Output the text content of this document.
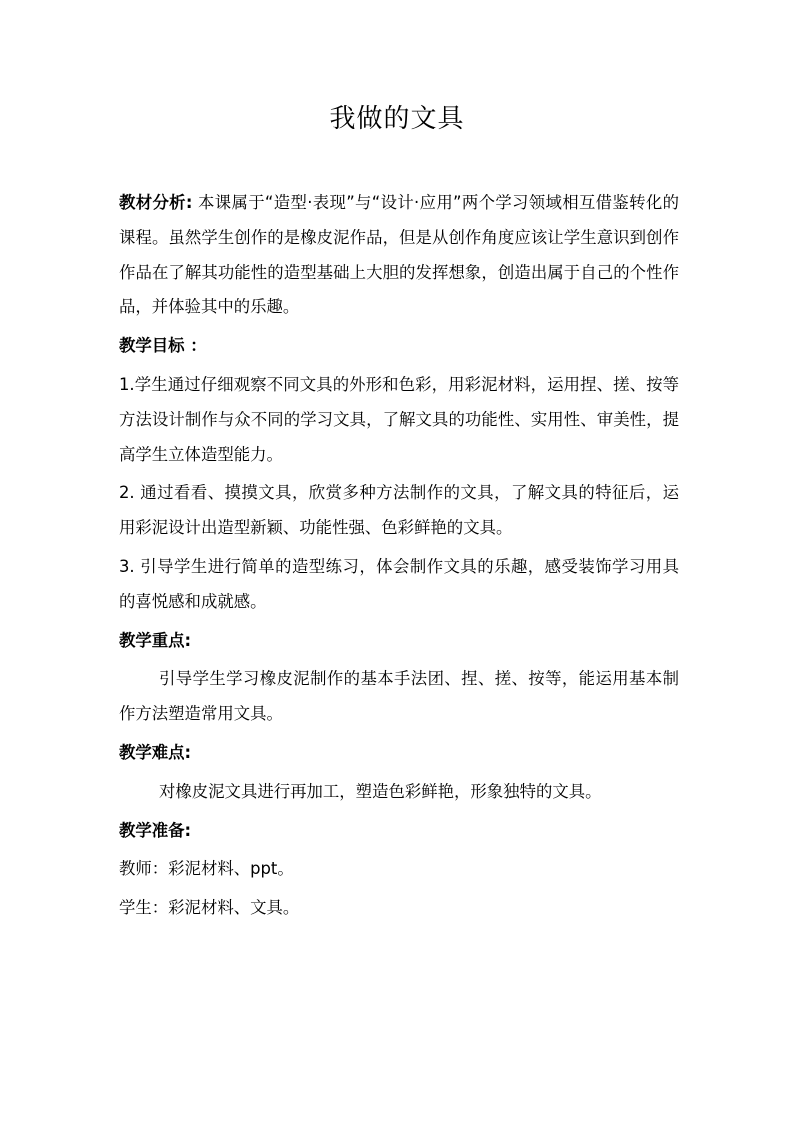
我做的文具

教材分析: 本课属于“造型·表现”与“设计·应用”两个学习领域相互借鉴转化的课程。虽然学生创作的是橡皮泥作品，但是从创作角度应该让学生意识到创作作品在了解其功能性的造型基础上大胆的发挥想象，创造出属于自己的个性作品，并体验其中的乐趣。

教学目标 ：

1.学生通过仔细观察不同文具的外形和色彩，用彩泥材料，运用捏、搓、按等方法设计制作与众不同的学习文具，了解文具的功能性、实用性、审美性，提高学生立体造型能力。

2. 通过看看、摸摸文具，欣赏多种方法制作的文具，了解文具的特征后，运用彩泥设计出造型新颖、功能性强、色彩鲜艳的文具。

3. 引导学生进行简单的造型练习，体会制作文具的乐趣，感受装饰学习用具的喜悦感和成就感。

教学重点:

引导学生学习橡皮泥制作的基本手法团、捏、搓、按等，能运用基本制作方法塑造常用文具。

教学难点:

对橡皮泥文具进行再加工，塑造色彩鲜艳，形象独特的文具。

教学准备:

教师：彩泥材料、ppt。

学生：彩泥材料、文具。
